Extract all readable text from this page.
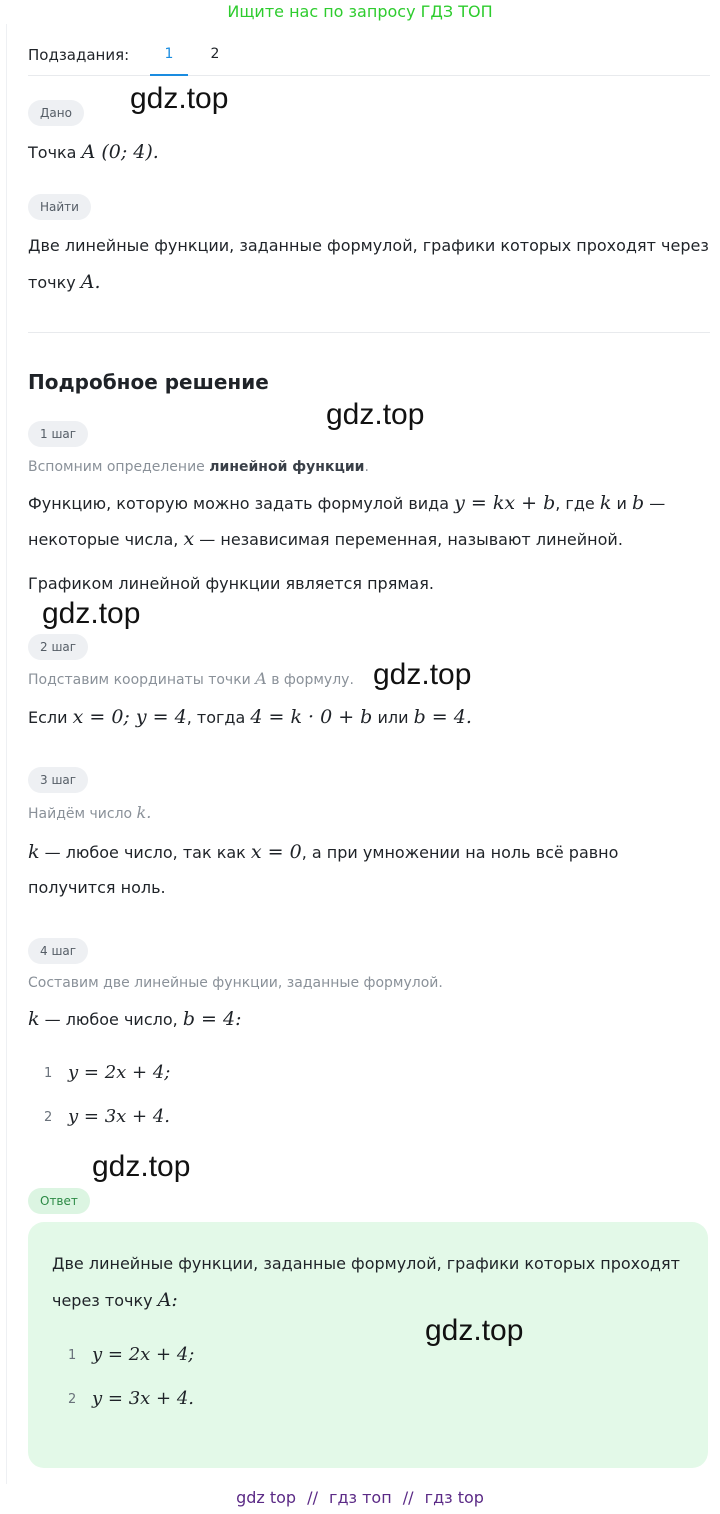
Ищите нас по запросу ГДЗ ТОП
Подзадания:	1	2
Дано
Точка A (0; 4).
Найти
Две линейные функции, заданные формулой, графики которых проходят через
точку A.
Подробное решение
1 шаг
Вспомним определение линейной функции.
Функцию, которую можно задать формулой вида y = kx + b, где k и b —
некоторые числа, x — независимая переменная, называют линейной.
Графиком линейной функции является прямая.
2 шаг
Подставим координаты точки A в формулу.
Если x = 0; y = 4, тогда 4 = k · 0 + b или b = 4.
3 шаг
Найдём число k.
k — любое число, так как x = 0, а при умножении на ноль всё равно
получится ноль.
4 шаг
Составим две линейные функции, заданные формулой.
k — любое число, b = 4:
1 y = 2x + 4;
2 y = 3x + 4.
Ответ
Две линейные функции, заданные формулой, графики которых проходят
через точку A:
1 y = 2x + 4;
2 y = 3x + 4.
gdz.top
gdz.top
gdz.top
gdz.top
gdz.top
gdz.top
gdz top // гдз топ // гдз top
